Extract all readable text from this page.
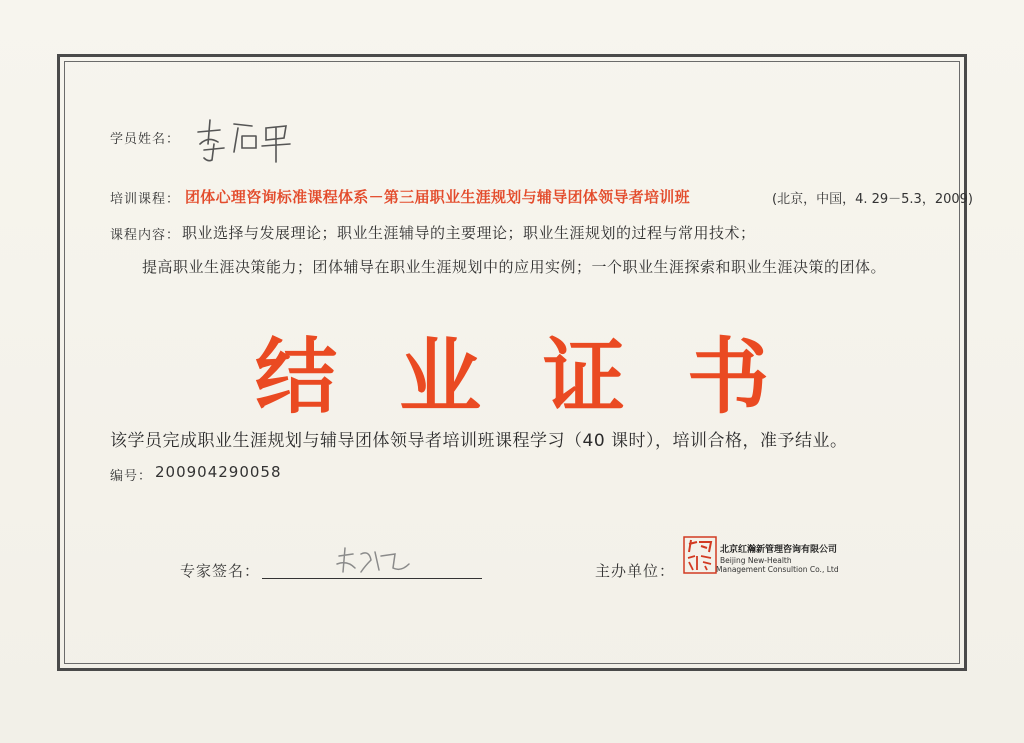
学员姓名：
培训课程： 团体心理咨询标准课程体系－第三届职业生涯规划与辅导团体领导者培训班	(北京，中国，4. 29－5.3，2009)
课程内容： 职业选择与发展理论；职业生涯辅导的主要理论；职业生涯规划的过程与常用技术；
提高职业生涯决策能力；团体辅导在职业生涯规划中的应用实例；一个职业生涯探索和职业生涯决策的团体。
结业证书
该学员完成职业生涯规划与辅导团体领导者培训班课程学习（40 课时），培训合格，准予结业。
编号： 200904290058
专家签名：	主办单位：
北京红瀚新管理咨询有限公司
Beijing New-Health
Management Consultion Co., Ltd
